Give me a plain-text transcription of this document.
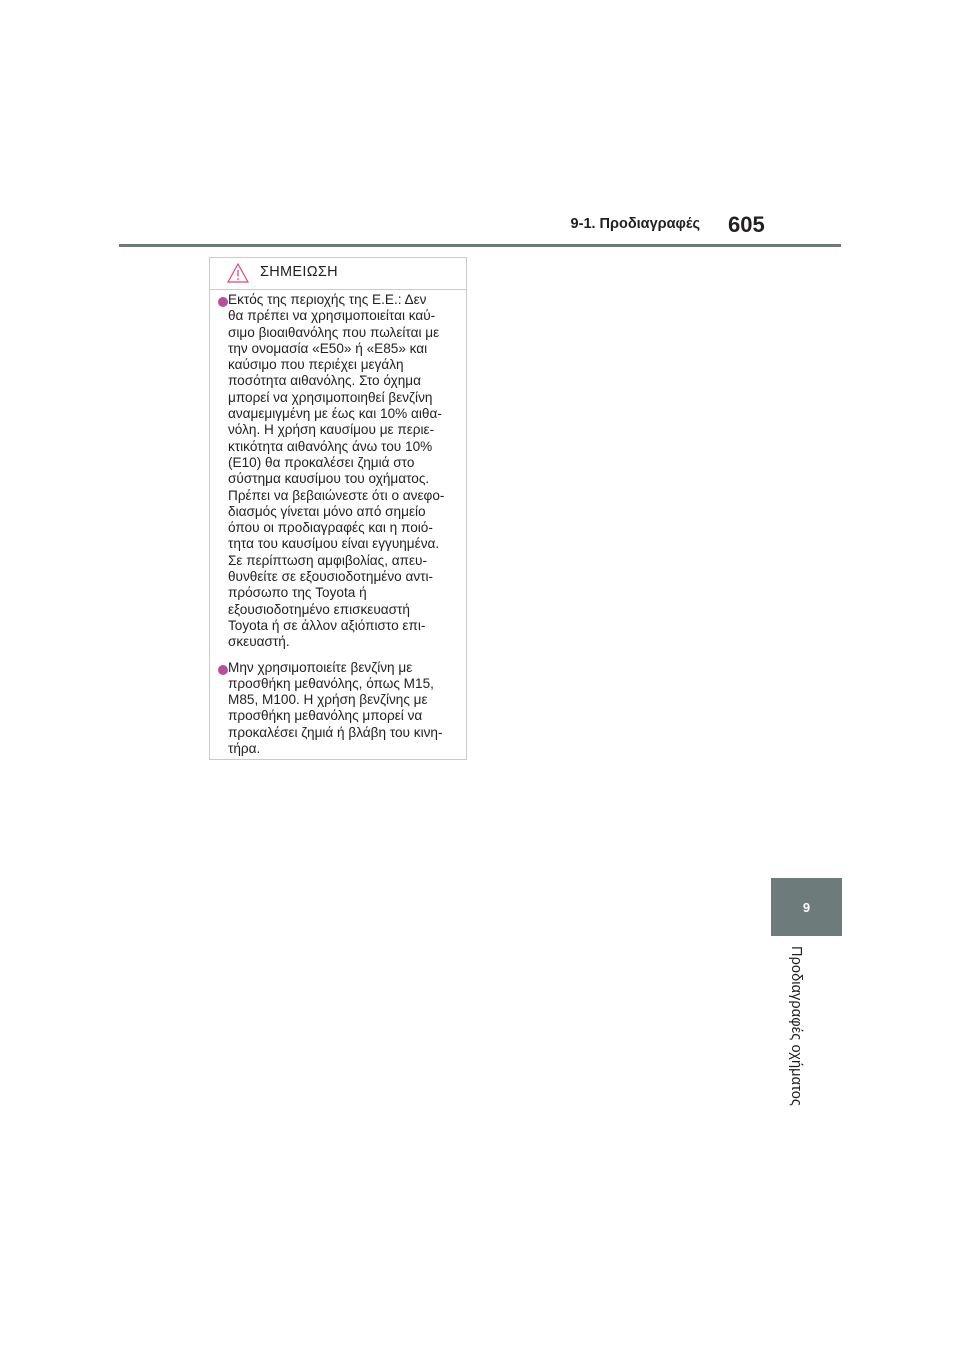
9-1. Προδιαγραφές 605
ΣΗΜΕΙΩΣΗ

Εκτός της περιοχής της Ε.Ε.: Δεν
θα πρέπει να χρησιμοποιείται καύ-
σιμο βιοαιθανόλης που πωλείται με
την ονομασία «E50» ή «E85» και
καύσιμο που περιέχει μεγάλη
ποσότητα αιθανόλης. Στο όχημα
μπορεί να χρησιμοποιηθεί βενζίνη
αναμεμιγμένη με έως και 10% αιθα-
νόλη. Η χρήση καυσίμου με περιε-
κτικότητα αιθανόλης άνω του 10%
(E10) θα προκαλέσει ζημιά στο
σύστημα καυσίμου του οχήματος.
Πρέπει να βεβαιώνεστε ότι ο ανεφο-
διασμός γίνεται μόνο από σημείο
όπου οι προδιαγραφές και η ποιό-
τητα του καυσίμου είναι εγγυημένα.
Σε περίπτωση αμφιβολίας, απευ-
θυνθείτε σε εξουσιοδοτημένο αντι-
πρόσωπο της Toyota ή
εξουσιοδοτημένο επισκευαστή
Toyota ή σε άλλον αξιόπιστο επι-
σκευαστή.

Μην χρησιμοποιείτε βενζίνη με
προσθήκη μεθανόλης, όπως M15,
M85, M100. Η χρήση βενζίνης με
προσθήκη μεθανόλης μπορεί να
προκαλέσει ζημιά ή βλάβη του κινη-
τήρα.

9
Προδιαγραφές οχήματος
